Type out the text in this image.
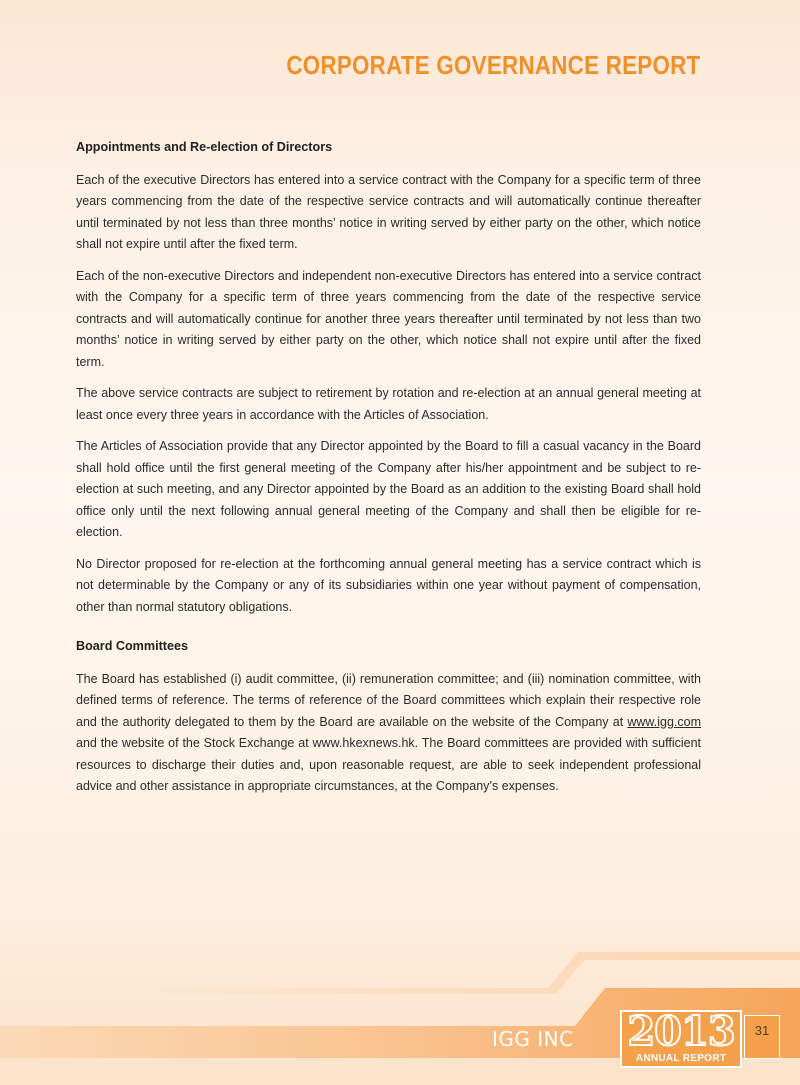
CORPORATE GOVERNANCE REPORT
Appointments and Re-election of Directors

Each of the executive Directors has entered into a service contract with the Company for a specific term of three years commencing from the date of the respective service contracts and will automatically continue thereafter until terminated by not less than three months’ notice in writing served by either party on the other, which notice shall not expire until after the fixed term.

Each of the non-executive Directors and independent non-executive Directors has entered into a service contract with the Company for a specific term of three years commencing from the date of the respective service contracts and will automatically continue for another three years thereafter until terminated by not less than two months’ notice in writing served by either party on the other, which notice shall not expire until after the fixed term.

The above service contracts are subject to retirement by rotation and re-election at an annual general meeting at least once every three years in accordance with the Articles of Association.

The Articles of Association provide that any Director appointed by the Board to fill a casual vacancy in the Board shall hold office until the first general meeting of the Company after his/her appointment and be subject to re-election at such meeting, and any Director appointed by the Board as an addition to the existing Board shall hold office only until the next following annual general meeting of the Company and shall then be eligible for re-election.

No Director proposed for re-election at the forthcoming annual general meeting has a service contract which is not determinable by the Company or any of its subsidiaries within one year without payment of compensation, other than normal statutory obligations.

Board Committees

The Board has established (i) audit committee, (ii) remuneration committee; and (iii) nomination committee, with defined terms of reference. The terms of reference of the Board committees which explain their respective role and the authority delegated to them by the Board are available on the website of the Company at www.igg.com and the website of the Stock Exchange at www.hkexnews.hk. The Board committees are provided with sufficient resources to discharge their duties and, upon reasonable request, are able to seek independent professional advice and other assistance in appropriate circumstances, at the Company’s expenses.

IGG INC 2013
ANNUAL REPORT
31
